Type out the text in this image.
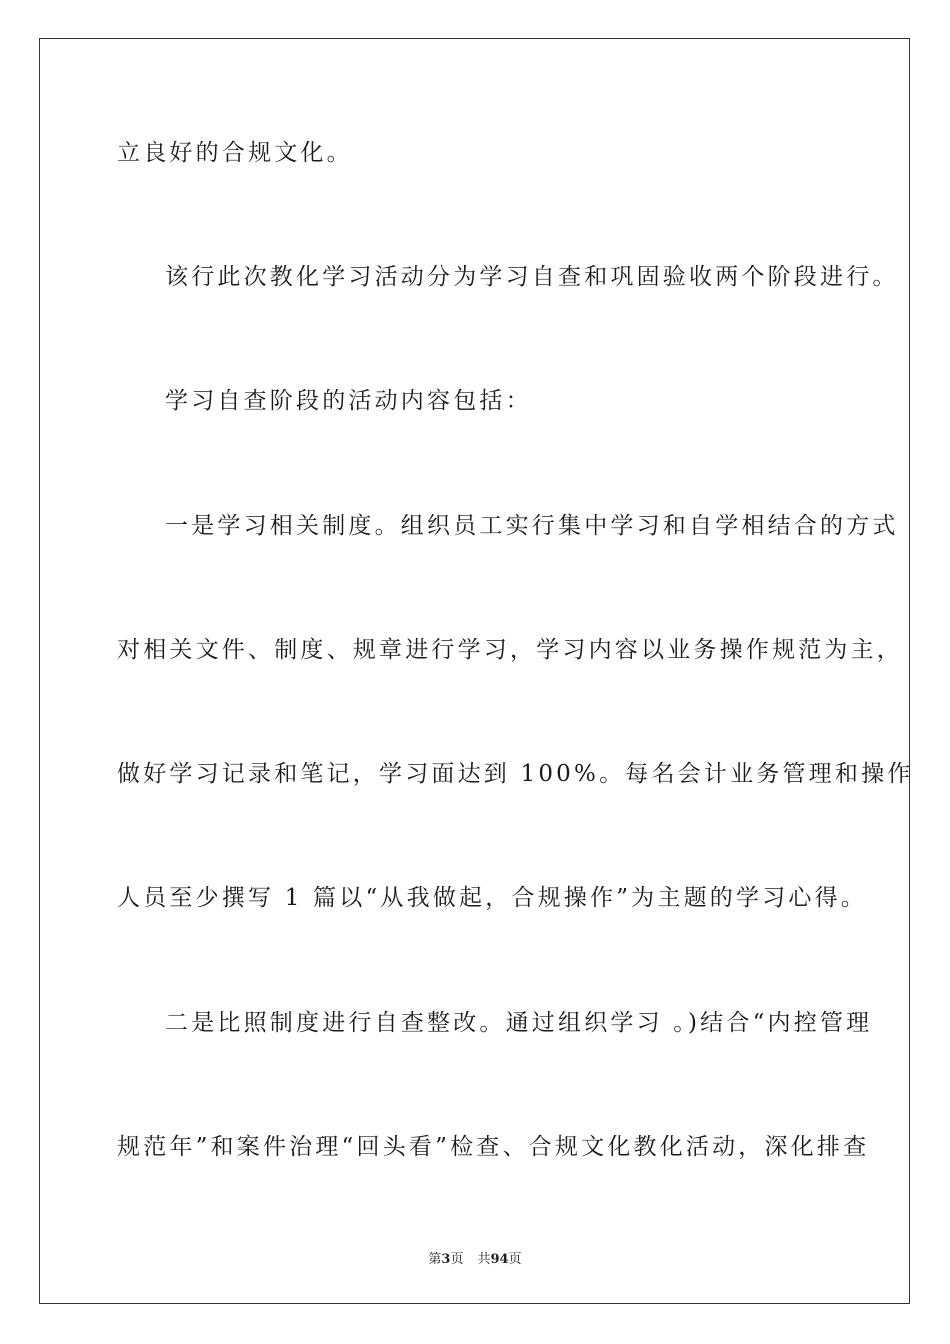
立良好的合规文化。
该行此次教化学习活动分为学习自查和巩固验收两个阶段进行。
学习自查阶段的活动内容包括：
一是学习相关制度。组织员工实行集中学习和自学相结合的方式
对相关文件、制度、规章进行学习，学习内容以业务操作规范为主，
做好学习记录和笔记，学习面达到 100%。每名会计业务管理和操作
人员至少撰写 1 篇以“从我做起，合规操作”为主题的学习心得。
二是比照制度进行自查整改。通过组织学习 。)结合“内控管理
规范年”和案件治理“回头看”检查、合规文化教化活动，深化排查
第3页 共94页
